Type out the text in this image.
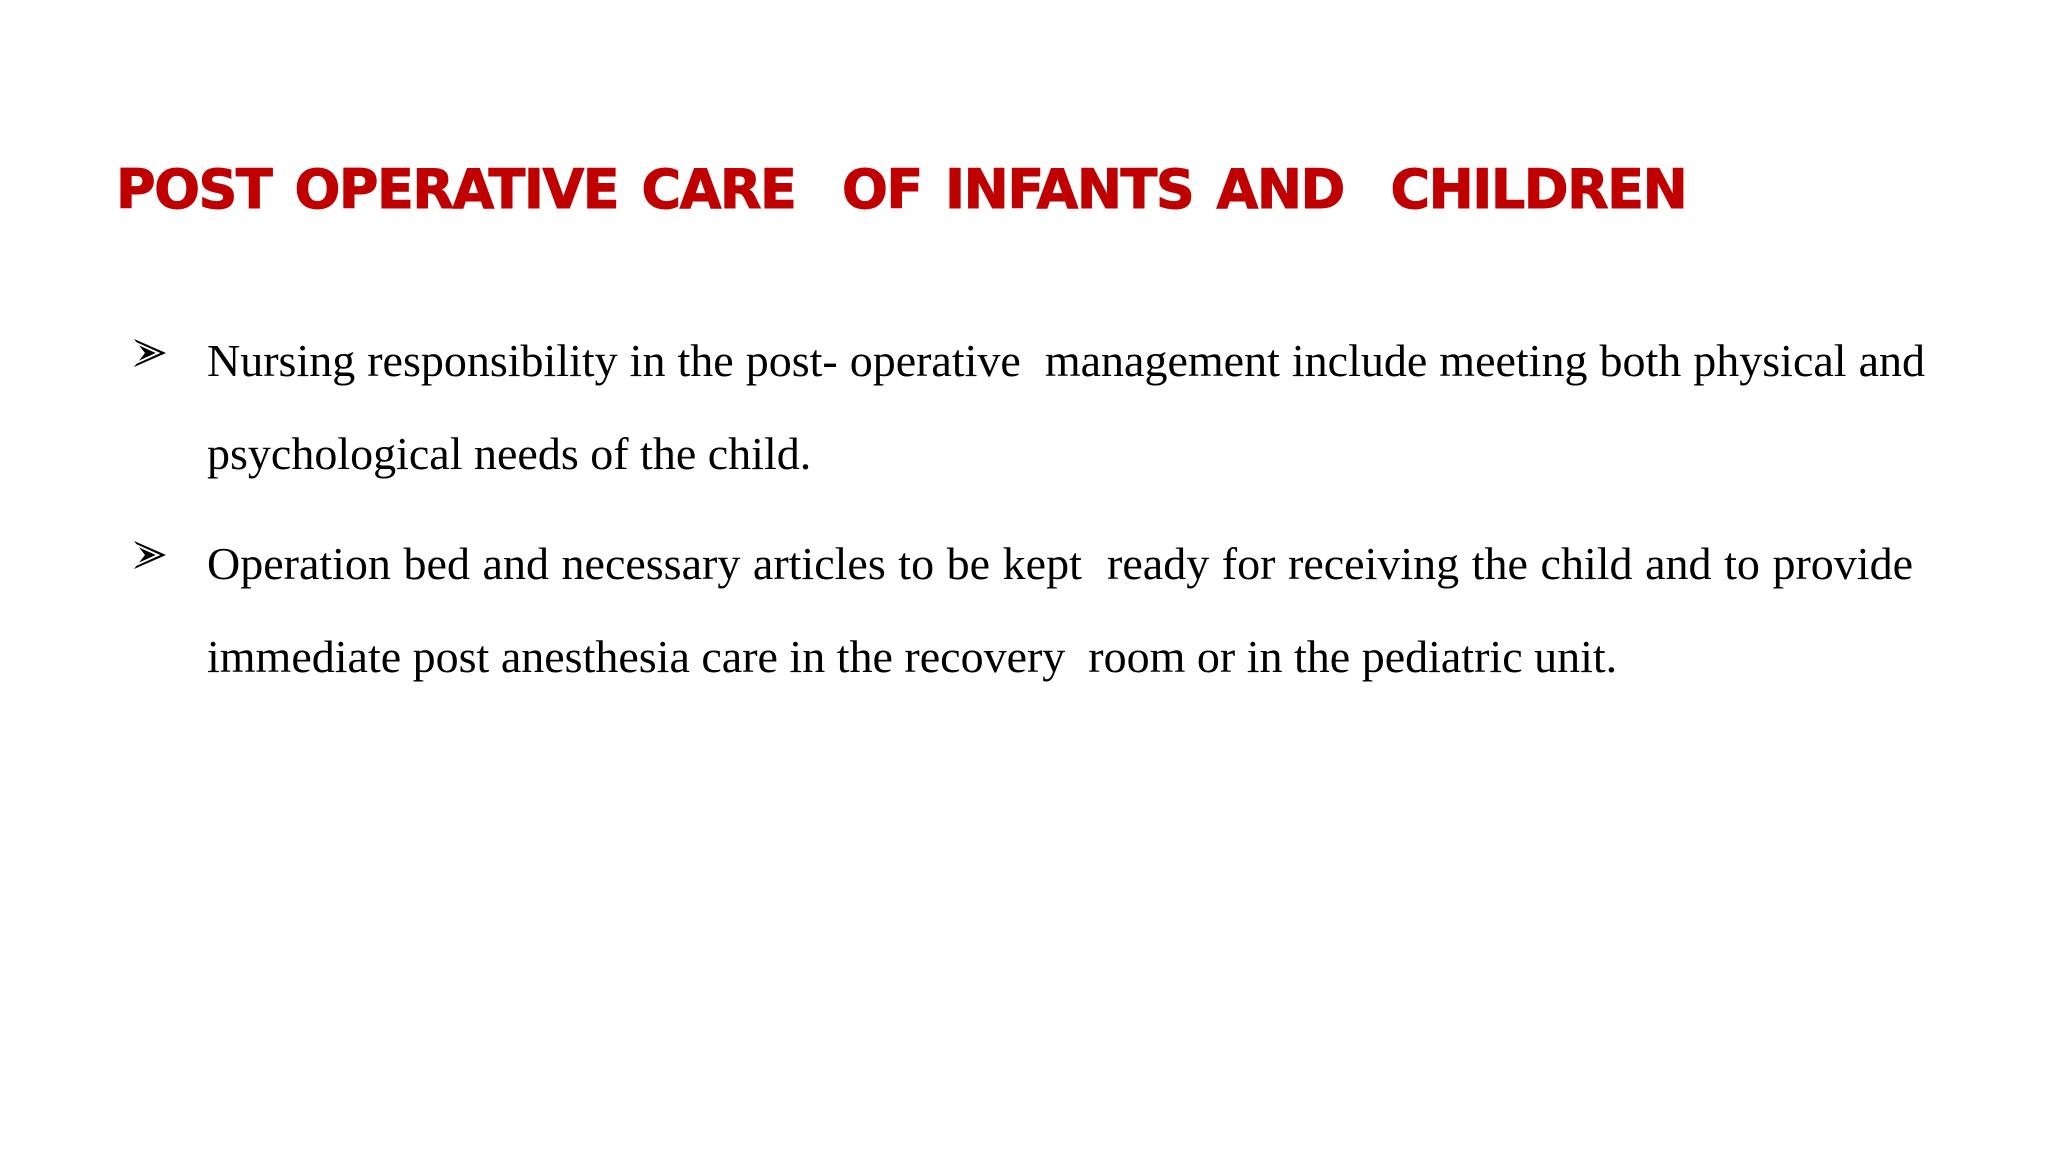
POST OPERATIVE CARE  OF INFANTS AND  CHILDREN
Nursing responsibility in the post- operative  management include meeting both physical and  psychological needs of the child.
Operation bed and necessary articles to be kept  ready for receiving the child and to provide  immediate post anesthesia care in the recovery  room or in the pediatric unit.
